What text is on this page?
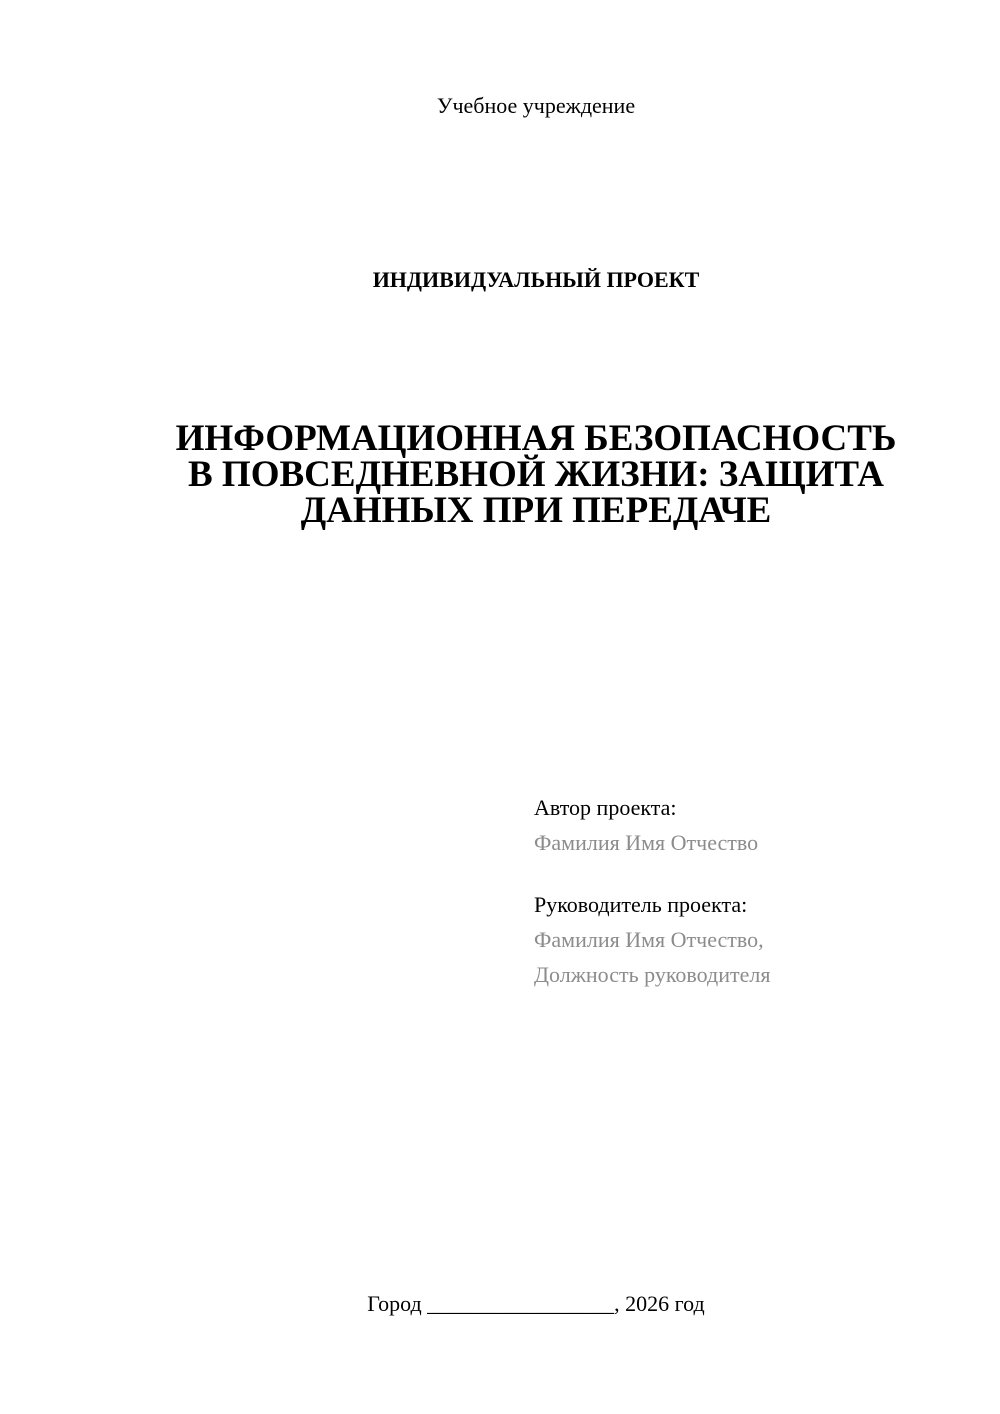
Учебное учреждение
ИНДИВИДУАЛЬНЫЙ ПРОЕКТ
ИНФОРМАЦИОННАЯ БЕЗОПАСНОСТЬ
В ПОВСЕДНЕВНОЙ ЖИЗНИ: ЗАЩИТА
ДАННЫХ ПРИ ПЕРЕДАЧЕ
Автор проекта:
Фамилия Имя Отчество
Руководитель проекта:
Фамилия Имя Отчество,
Должность руководителя
Город _________________, 2026 год
